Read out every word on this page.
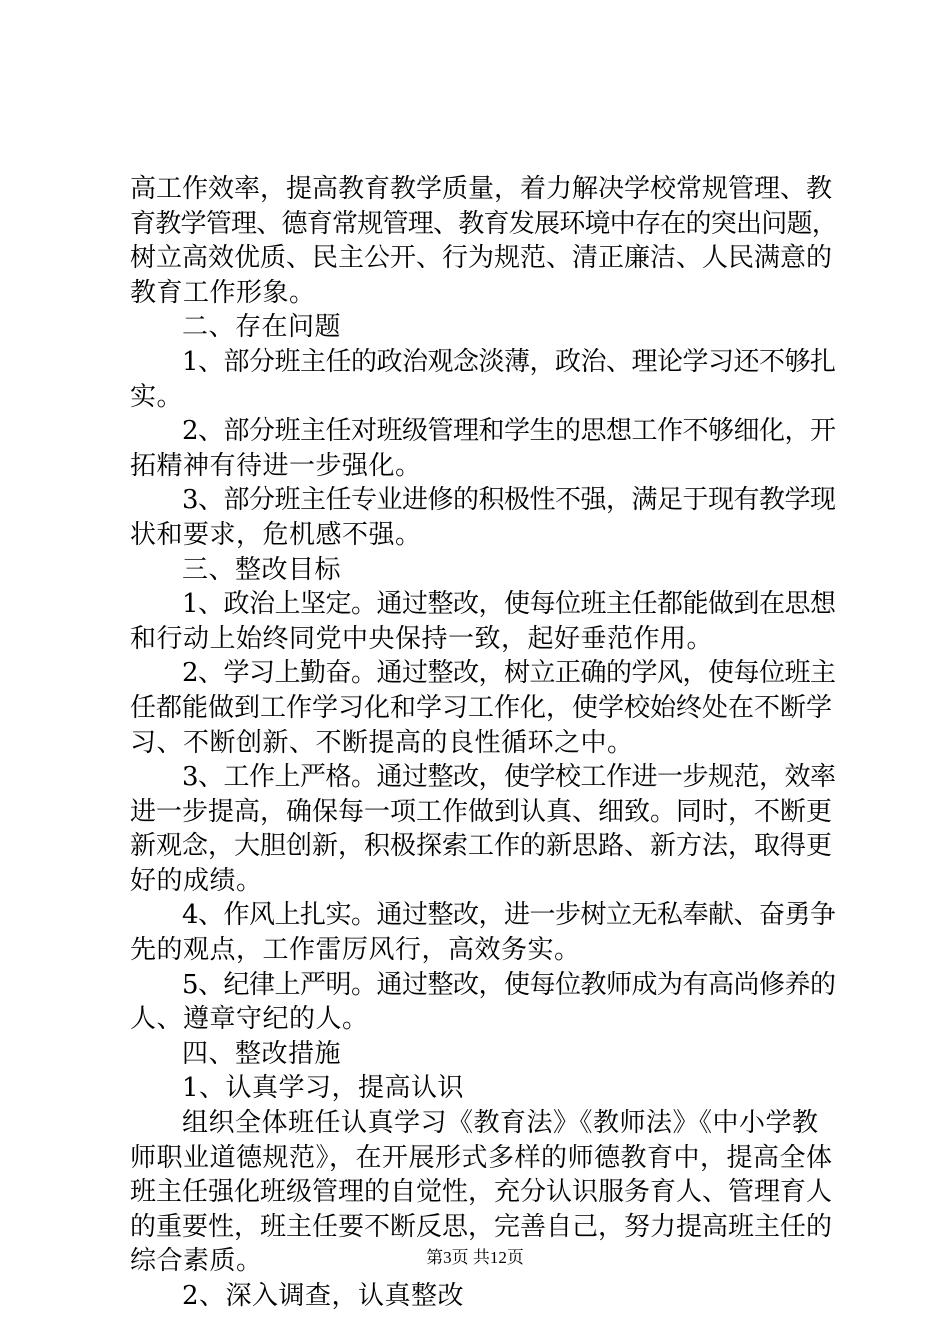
高工作效率，提高教育教学质量，着力解决学校常规管理、教
育教学管理、德育常规管理、教育发展环境中存在的突出问题，
树立高效优质、民主公开、行为规范、清正廉洁、人民满意的
教育工作形象。
二、存在问题
1、部分班主任的政治观念淡薄，政治、理论学习还不够扎
实。
2、部分班主任对班级管理和学生的思想工作不够细化，开
拓精神有待进一步强化。
3、部分班主任专业进修的积极性不强，满足于现有教学现
状和要求，危机感不强。
三、整改目标
1、政治上坚定。通过整改，使每位班主任都能做到在思想
和行动上始终同党中央保持一致，起好垂范作用。
2、学习上勤奋。通过整改，树立正确的学风，使每位班主
任都能做到工作学习化和学习工作化，使学校始终处在不断学
习、不断创新、不断提高的良性循环之中。
3、工作上严格。通过整改，使学校工作进一步规范，效率
进一步提高，确保每一项工作做到认真、细致。同时，不断更
新观念，大胆创新，积极探索工作的新思路、新方法，取得更
好的成绩。
4、作风上扎实。通过整改，进一步树立无私奉献、奋勇争
先的观点，工作雷厉风行，高效务实。
5、纪律上严明。通过整改，使每位教师成为有高尚修养的
人、遵章守纪的人。
四、整改措施
1、认真学习，提高认识
组织全体班任认真学习《教育法》《教师法》《中小学教
师职业道德规范》，在开展形式多样的师德教育中，提高全体
班主任强化班级管理的自觉性，充分认识服务育人、管理育人
的重要性，班主任要不断反思，完善自己，努力提高班主任的
综合素质。
2、深入调查，认真整改
第3页 共12页
